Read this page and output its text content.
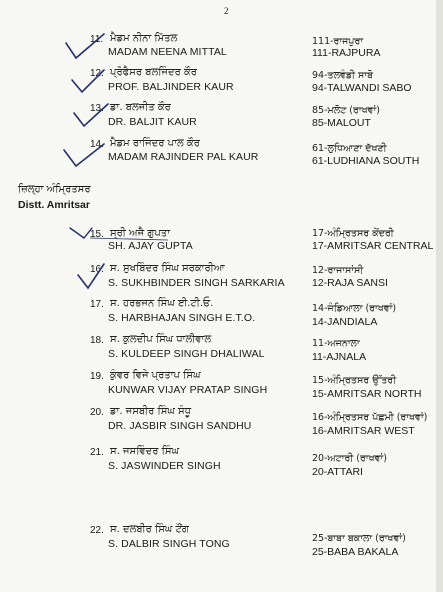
2
11. ਮੈਡਮ ਨੀਨਾ ਮਿੱਤਲ
MADAM NEENA MITTAL
111-ਰਾਜਪੁਰਾ
111-RAJPURA
12. ਪ੍ਰੋਫੈਸਰ ਬਲਜਿੰਦਰ ਕੌਰ
PROF. BALJINDER KAUR
94-ਤਲਵੰਡੀ ਸਾਬੋ
94-TALWANDI SABO
13. ਡਾ. ਬਲਜੀਤ ਕੌਰ
DR. BALJIT KAUR
85-ਮਲੋਟ (ਰਾਖਵਾਂ)
85-MALOUT
14. ਮੈਡਮ ਰਾਜਿੰਦਰ ਪਾਲ ਕੌਰ
MADAM RAJINDER PAL KAUR
61-ਲੁਧਿਆਣਾ ਦੱਖਣੀ
61-LUDHIANA SOUTH
ਜ਼ਿਲ੍ਹਾ ਅੰਮ੍ਰਿਤਸਰ
Distt. Amritsar
15. ਸ੍ਰੀ ਅਜੈ ਗੁਪਤਾ
SH. AJAY GUPTA
17-ਅੰਮ੍ਰਿਤਸਰ ਕੇਂਦਰੀ
17-AMRITSAR CENTRAL
16. ਸ. ਸੁਖਬਿੰਦਰ ਸਿੰਘ ਸਰਕਾਰੀਆ
S. SUKHBINDER SINGH SARKARIA
12-ਰਾਜਾਸਾਂਸੀ
12-RAJA SANSI
17. ਸ. ਹਰਭਜਨ ਸਿੰਘ ਈ.ਟੀ.ਓ.
S. HARBHAJAN SINGH E.T.O.
14-ਜੰਡਿਆਲਾ (ਰਾਖਵਾਂ)
14-JANDIALA
18. ਸ. ਕੁਲਦੀਪ ਸਿੰਘ ਧਾਲੀਵਾਲ
S. KULDEEP SINGH DHALIWAL
11-ਅਜਨਾਲਾ
11-AJNALA
19. ਕੁੰਵਰ ਵਿਜੇ ਪ੍ਰਤਾਪ ਸਿੰਘ
KUNWAR VIJAY PRATAP SINGH
15-ਅੰਮ੍ਰਿਤਸਰ ਉੱਤਰੀ
15-AMRITSAR NORTH
20. ਡਾ. ਜਸਬੀਰ ਸਿੰਘ ਸੰਧੂ
DR. JASBIR SINGH SANDHU
16-ਅੰਮ੍ਰਿਤਸਰ ਪੱਛਮੀ (ਰਾਖਵਾਂ)
16-AMRITSAR WEST
21. ਸ. ਜਸਵਿੰਦਰ ਸਿੰਘ
S. JASWINDER SINGH
20-ਅਟਾਰੀ (ਰਾਖਵਾਂ)
20-ATTARI
22. ਸ. ਦਲਬੀਰ ਸਿੰਘ ਟੌਂਗ
S. DALBIR SINGH TONG	25-ਬਾਬਾ ਬਕਾਲਾ (ਰਾਖਵਾਂ)
25-BABA BAKALA
